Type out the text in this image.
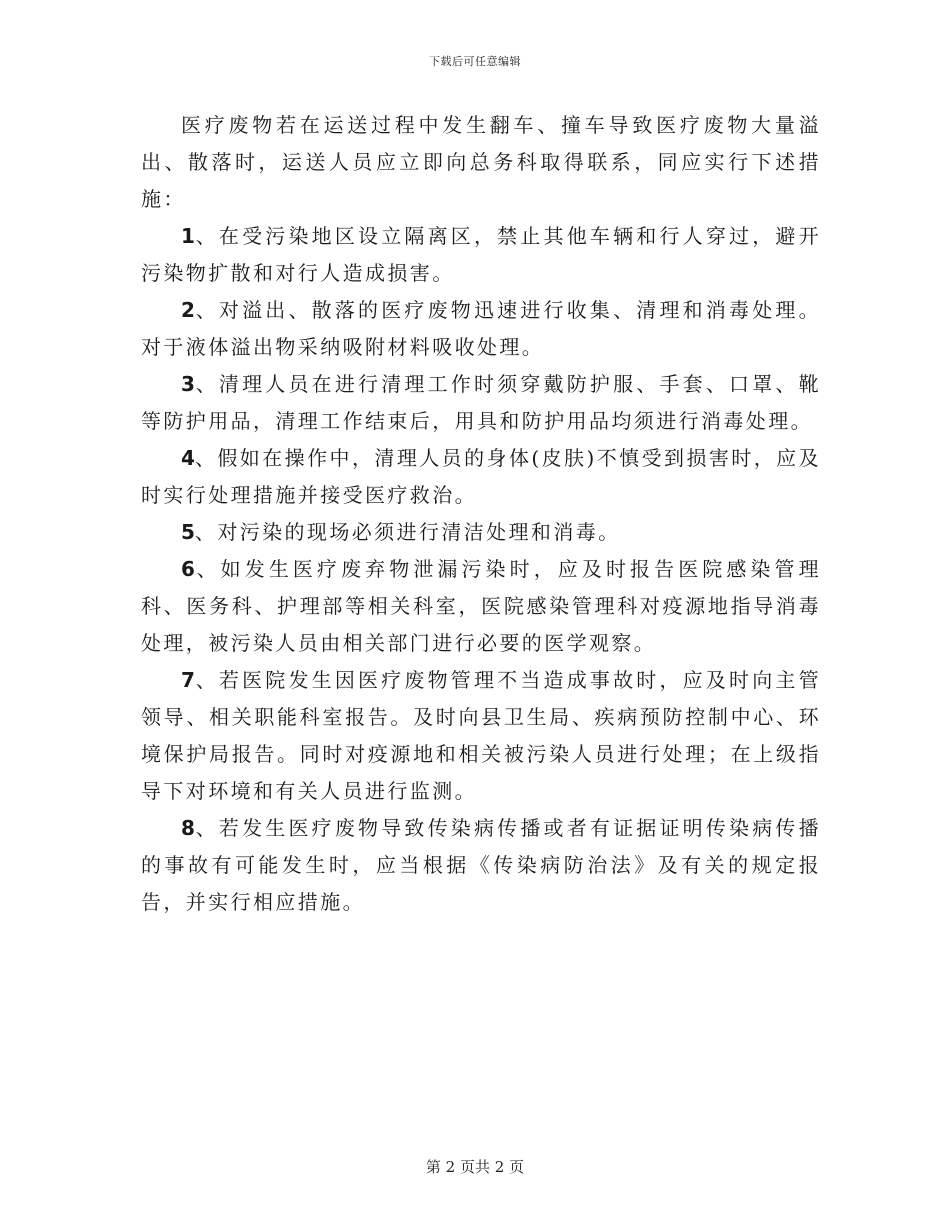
下载后可任意编辑

医疗废物若在运送过程中发生翻车、撞车导致医疗废物大量溢出、散落时，运送人员应立即向总务科取得联系，同应实行下述措施：

1、在受污染地区设立隔离区，禁止其他车辆和行人穿过，避开污染物扩散和对行人造成损害。

2、对溢出、散落的医疗废物迅速进行收集、清理和消毒处理。对于液体溢出物采纳吸附材料吸收处理。

3、清理人员在进行清理工作时须穿戴防护服、手套、口罩、靴等防护用品，清理工作结束后，用具和防护用品均须进行消毒处理。

4、假如在操作中，清理人员的身体(皮肤)不慎受到损害时，应及时实行处理措施并接受医疗救治。

5、对污染的现场必须进行清洁处理和消毒。

6、如发生医疗废弃物泄漏污染时，应及时报告医院感染管理科、医务科、护理部等相关科室，医院感染管理科对疫源地指导消毒处理，被污染人员由相关部门进行必要的医学观察。

7、若医院发生因医疗废物管理不当造成事故时，应及时向主管领导、相关职能科室报告。及时向县卫生局、疾病预防控制中心、环境保护局报告。同时对疫源地和相关被污染人员进行处理；在上级指导下对环境和有关人员进行监测。

8、若发生医疗废物导致传染病传播或者有证据证明传染病传播的事故有可能发生时，应当根据《传染病防治法》及有关的规定报告，并实行相应措施。

第 2 页共 2 页
